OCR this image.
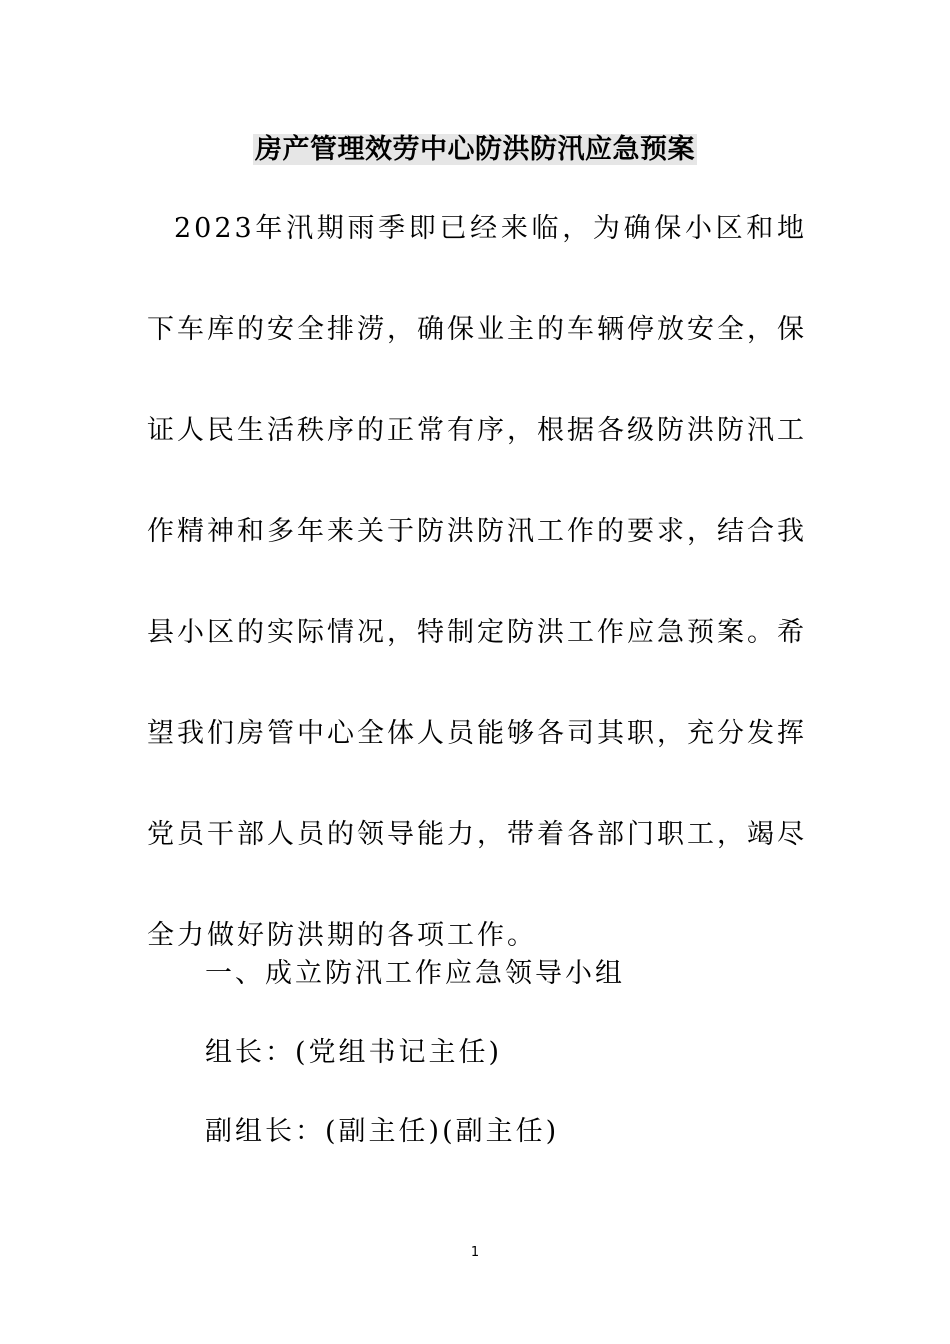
房产管理效劳中心防洪防汛应急预案

2023年汛期雨季即已经来临，为确保小区和地下车库的安全排涝，确保业主的车辆停放安全，保证人民生活秩序的正常有序，根据各级防洪防汛工作精神和多年来关于防洪防汛工作的要求，结合我县小区的实际情况，特制定防洪工作应急预案。希望我们房管中心全体人员能够各司其职，充分发挥党员干部人员的领导能力，带着各部门职工，竭尽全力做好防洪期的各项工作。

一、成立防汛工作应急领导小组
组长：(党组书记主任)
副组长：(副主任)(副主任)
1
